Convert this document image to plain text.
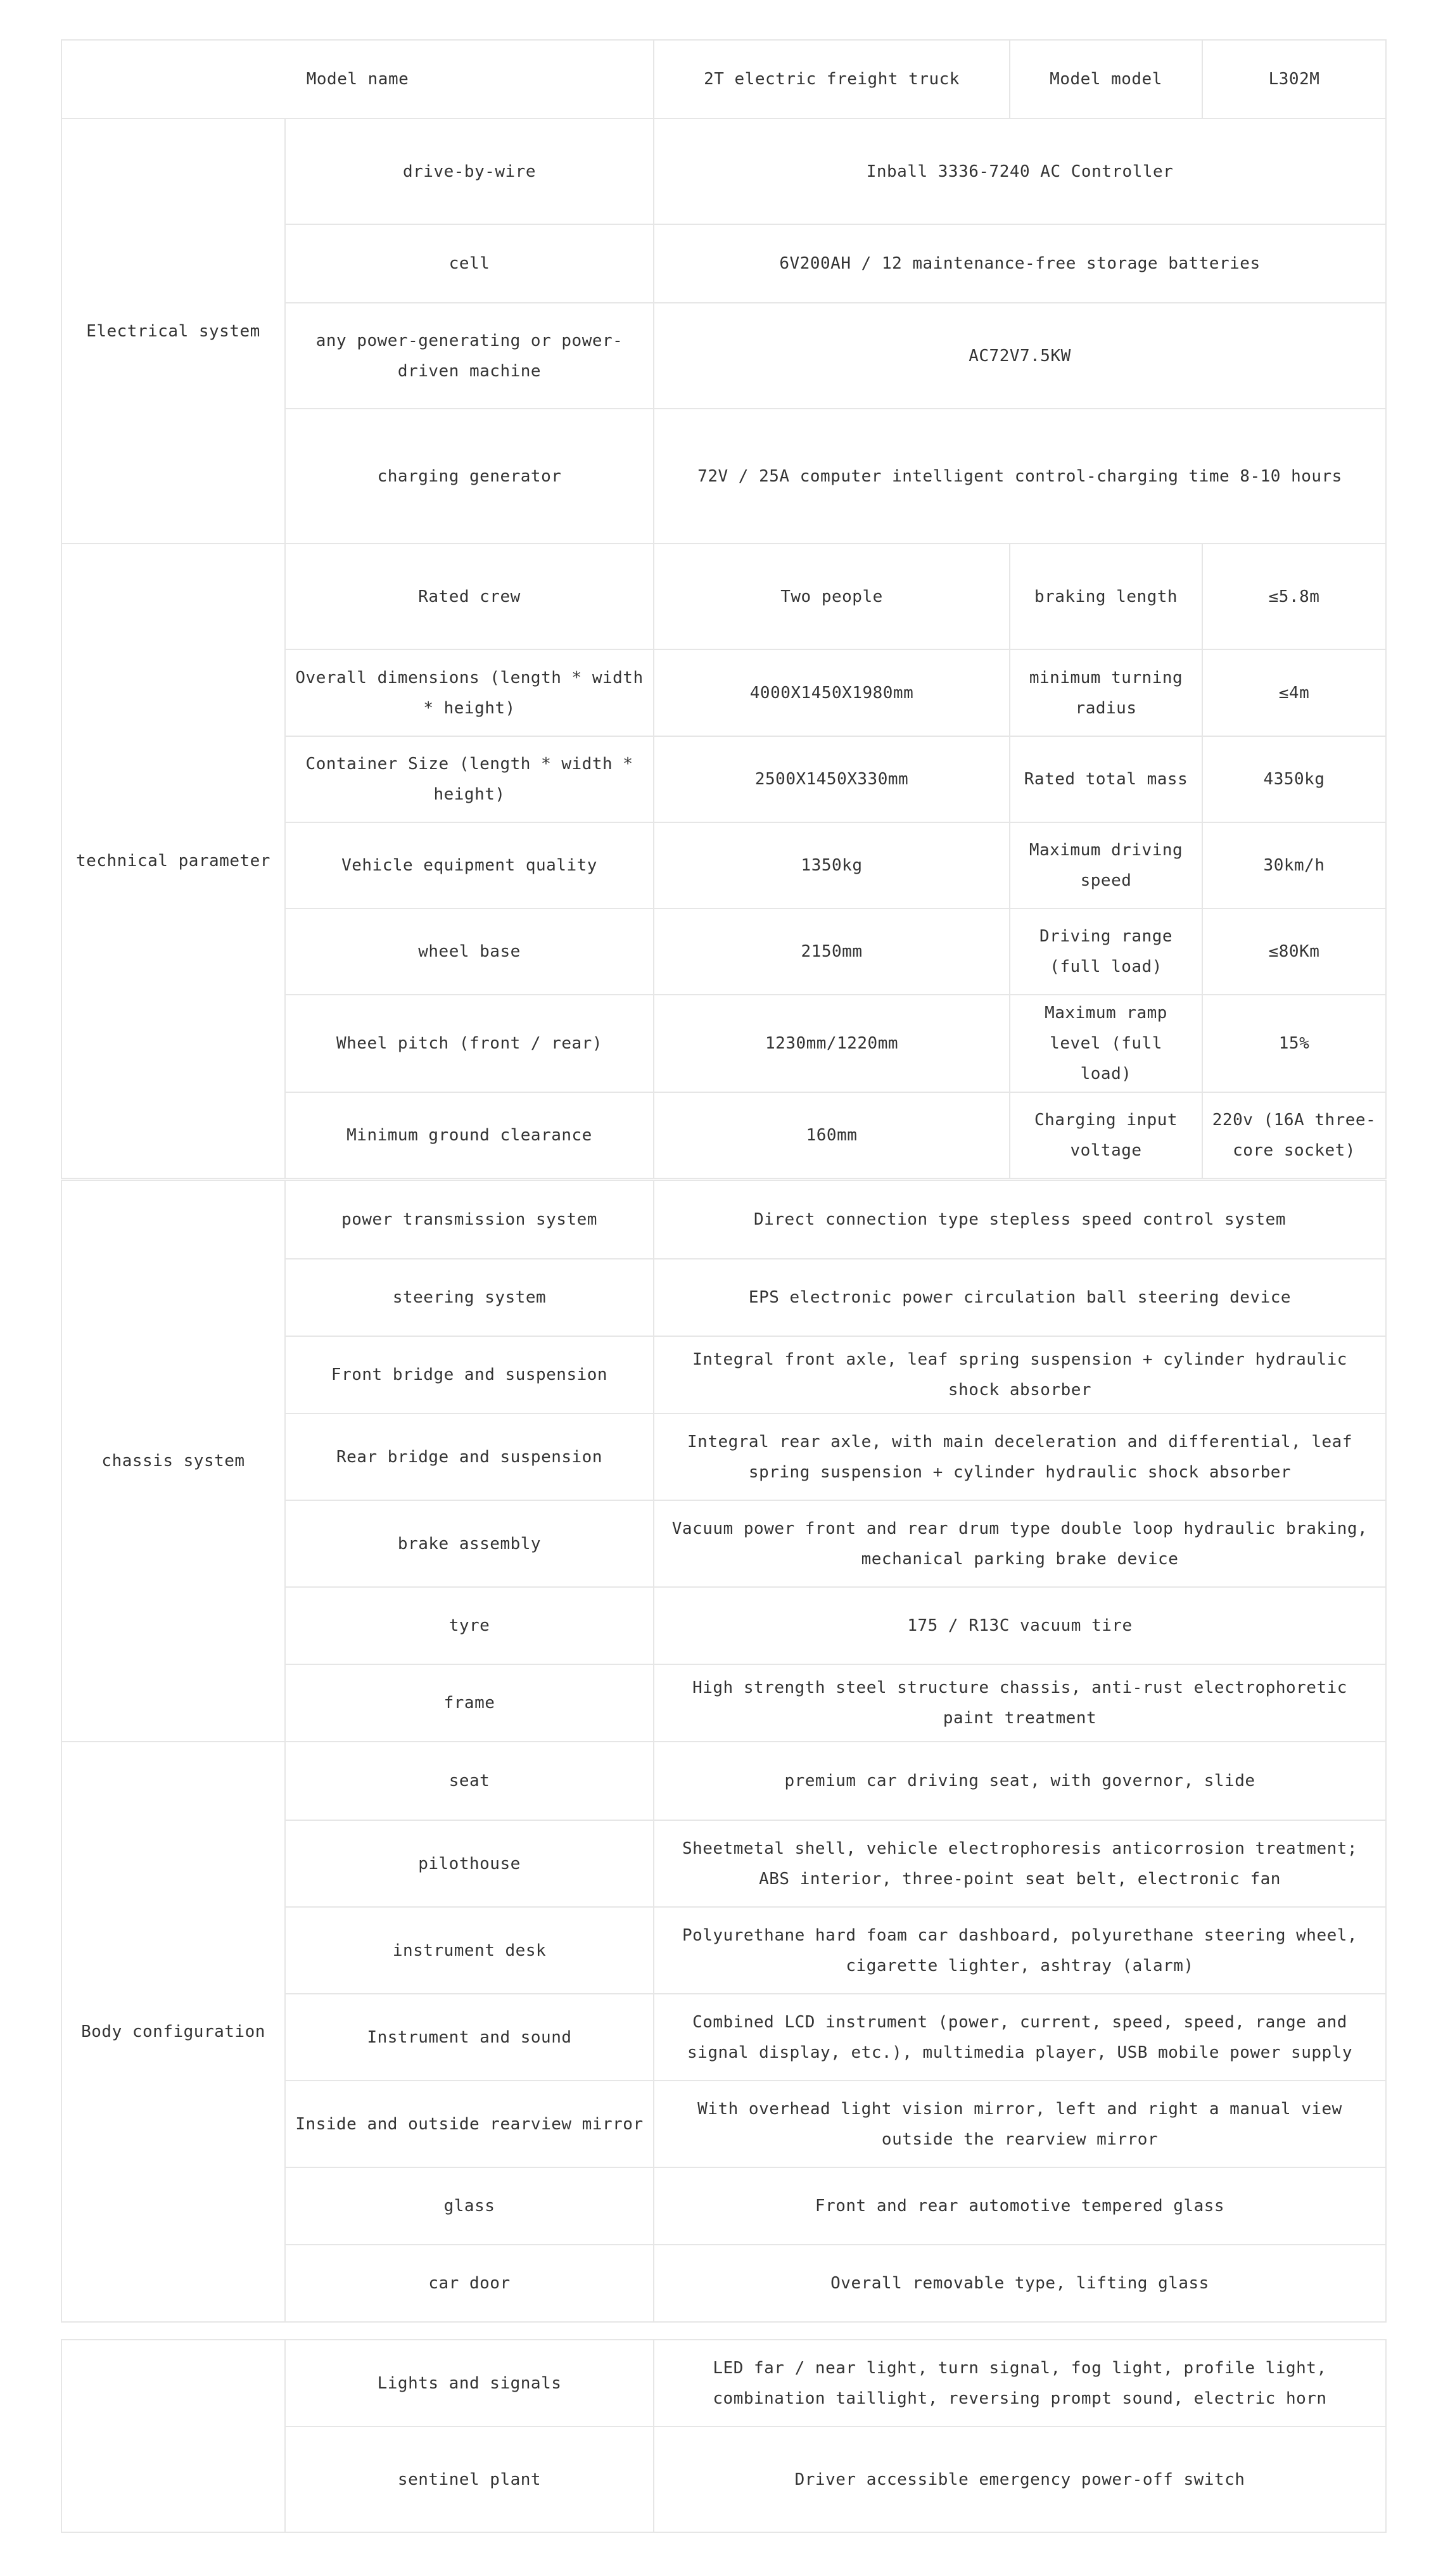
Model name		2T electric freight truck	Model model	L302M
Electrical system	drive-by-wire	Inball 3336-7240 AC Controller		
	cell	6V200AH / 12 maintenance-free storage batteries		
	any power-generating or power-driven machine	AC72V7.5KW		
	charging generator	72V / 25A computer intelligent control-charging time 8-10 hours		
technical parameter	Rated crew	Two people	braking length	≤5.8m
	Overall dimensions (length * width * height)	4000X1450X1980mm	minimum turning radius	≤4m
	Container Size (length * width * height)	2500X1450X330mm	Rated total mass	4350kg
	Vehicle equipment quality	1350kg	Maximum driving speed	30km/h
	wheel base	2150mm	Driving range (full load)	≤80Km
	Wheel pitch (front / rear)	1230mm/1220mm	Maximum ramp level (full load)	15%
	Minimum ground clearance	160mm	Charging input voltage	220v (16A three-core socket)
chassis system	power transmission system	Direct connection type stepless speed control system
	steering system	EPS electronic power circulation ball steering device
	Front bridge and suspension	Integral front axle, leaf spring suspension + cylinder hydraulic shock absorber
	Rear bridge and suspension	Integral rear axle, with main deceleration and differential, leaf spring suspension + cylinder hydraulic shock absorber
	brake assembly	Vacuum power front and rear drum type double loop hydraulic braking, mechanical parking brake device
	tyre	175 / R13C vacuum tire
	frame	High strength steel structure chassis, anti-rust electrophoretic paint treatment
Body configuration	seat	premium car driving seat, with governor, slide
	pilothouse	Sheetmetal shell, vehicle electrophoresis anticorrosion treatment; ABS interior, three-point seat belt, electronic fan
	instrument desk	Polyurethane hard foam car dashboard, polyurethane steering wheel, cigarette lighter, ashtray (alarm)
	Instrument and sound	Combined LCD instrument (power, current, speed, speed, range and signal display, etc.), multimedia player, USB mobile power supply
	Inside and outside rearview mirror	With overhead light vision mirror, left and right a manual view outside the rearview mirror
	glass	Front and rear automotive tempered glass
	car door	Overall removable type, lifting glass
	Lights and signals	LED far / near light, turn signal, fog light, profile light, combination taillight, reversing prompt sound, electric horn
	sentinel plant	Driver accessible emergency power-off switch
